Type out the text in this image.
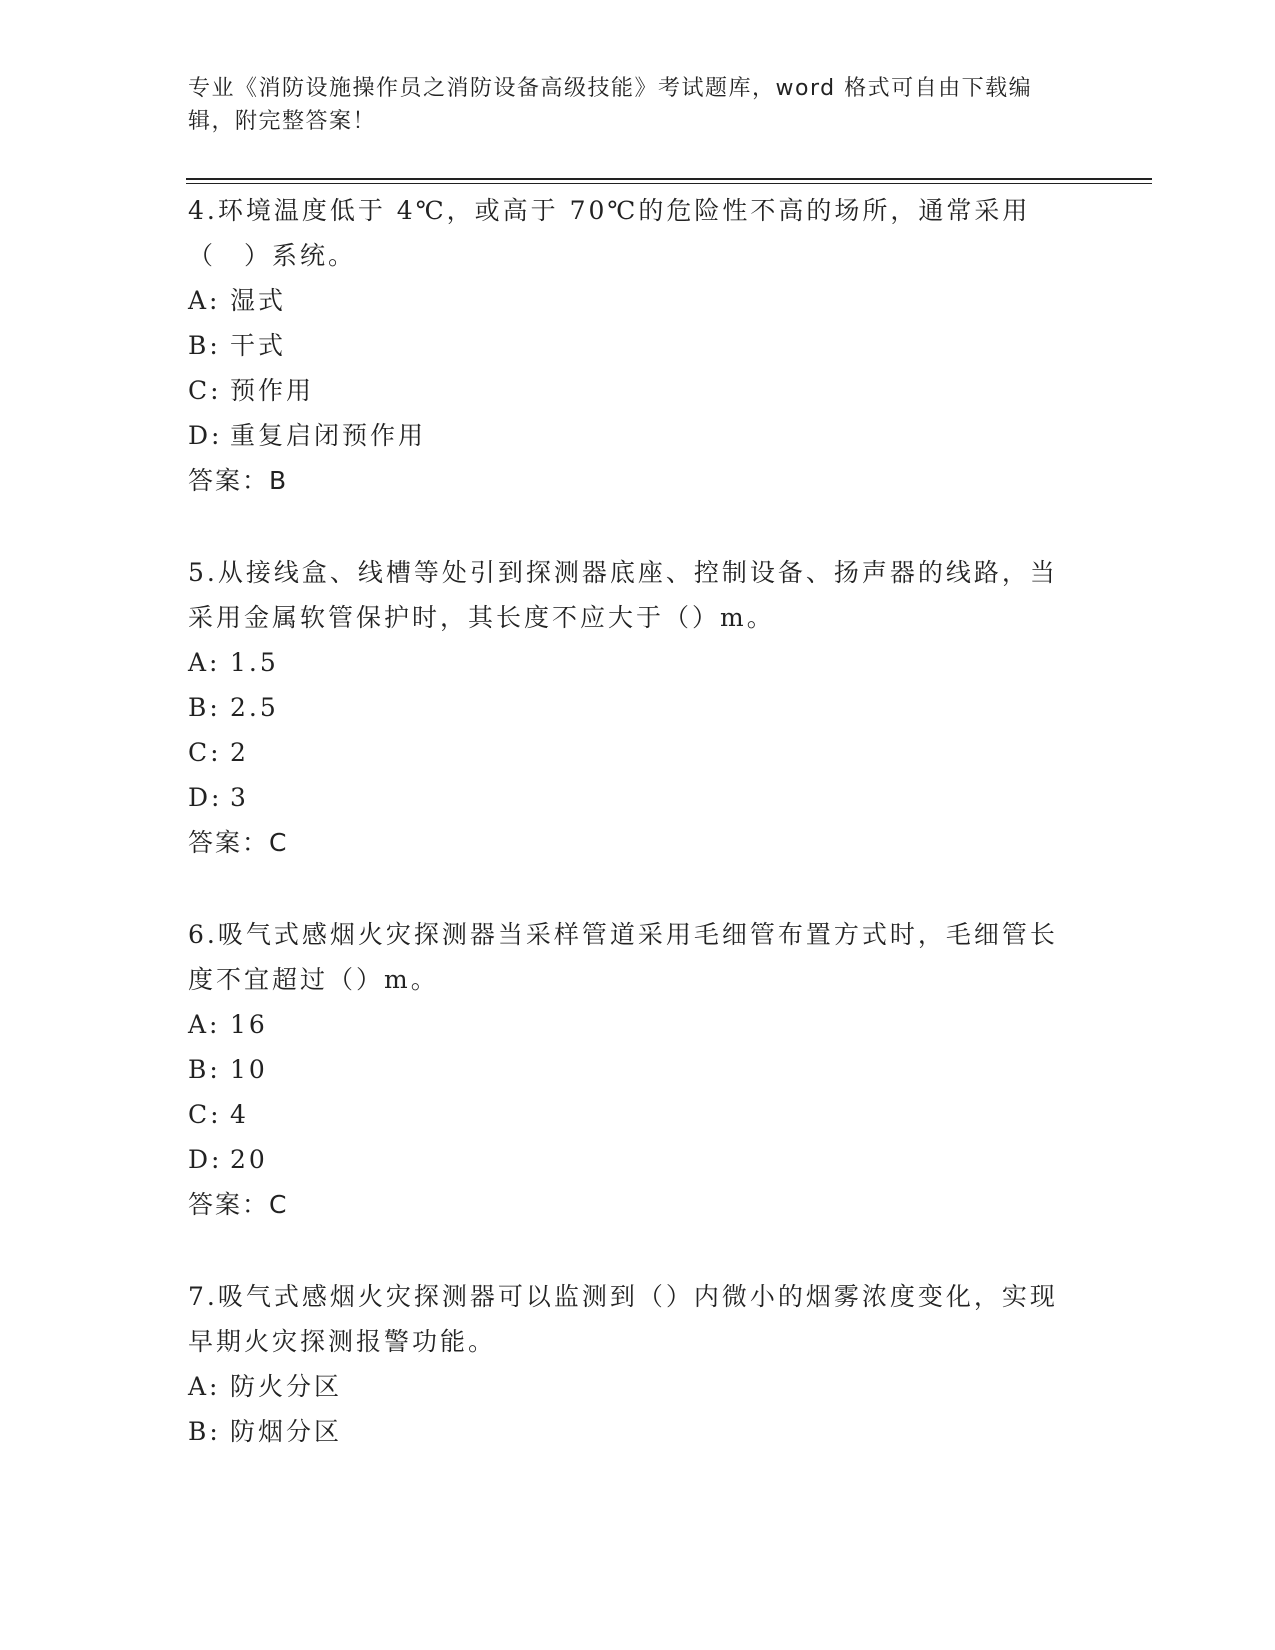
专业《消防设施操作员之消防设备高级技能》考试题库，word 格式可自由下载编辑，附完整答案！
4.环境温度低于 4℃，或高于 70℃的危险性不高的场所，通常采用（　）系统。
A: 湿式
B: 干式
C: 预作用
D: 重复启闭预作用
答案：B
5.从接线盒、线槽等处引到探测器底座、控制设备、扬声器的线路，当采用金属软管保护时，其长度不应大于（）m。
A: 1.5
B: 2.5
C: 2
D: 3
答案：C
6.吸气式感烟火灾探测器当采样管道采用毛细管布置方式时，毛细管长度不宜超过（）m。
A: 16
B: 10
C: 4
D: 20
答案：C
7.吸气式感烟火灾探测器可以监测到（）内微小的烟雾浓度变化，实现早期火灾探测报警功能。
A: 防火分区
B: 防烟分区
